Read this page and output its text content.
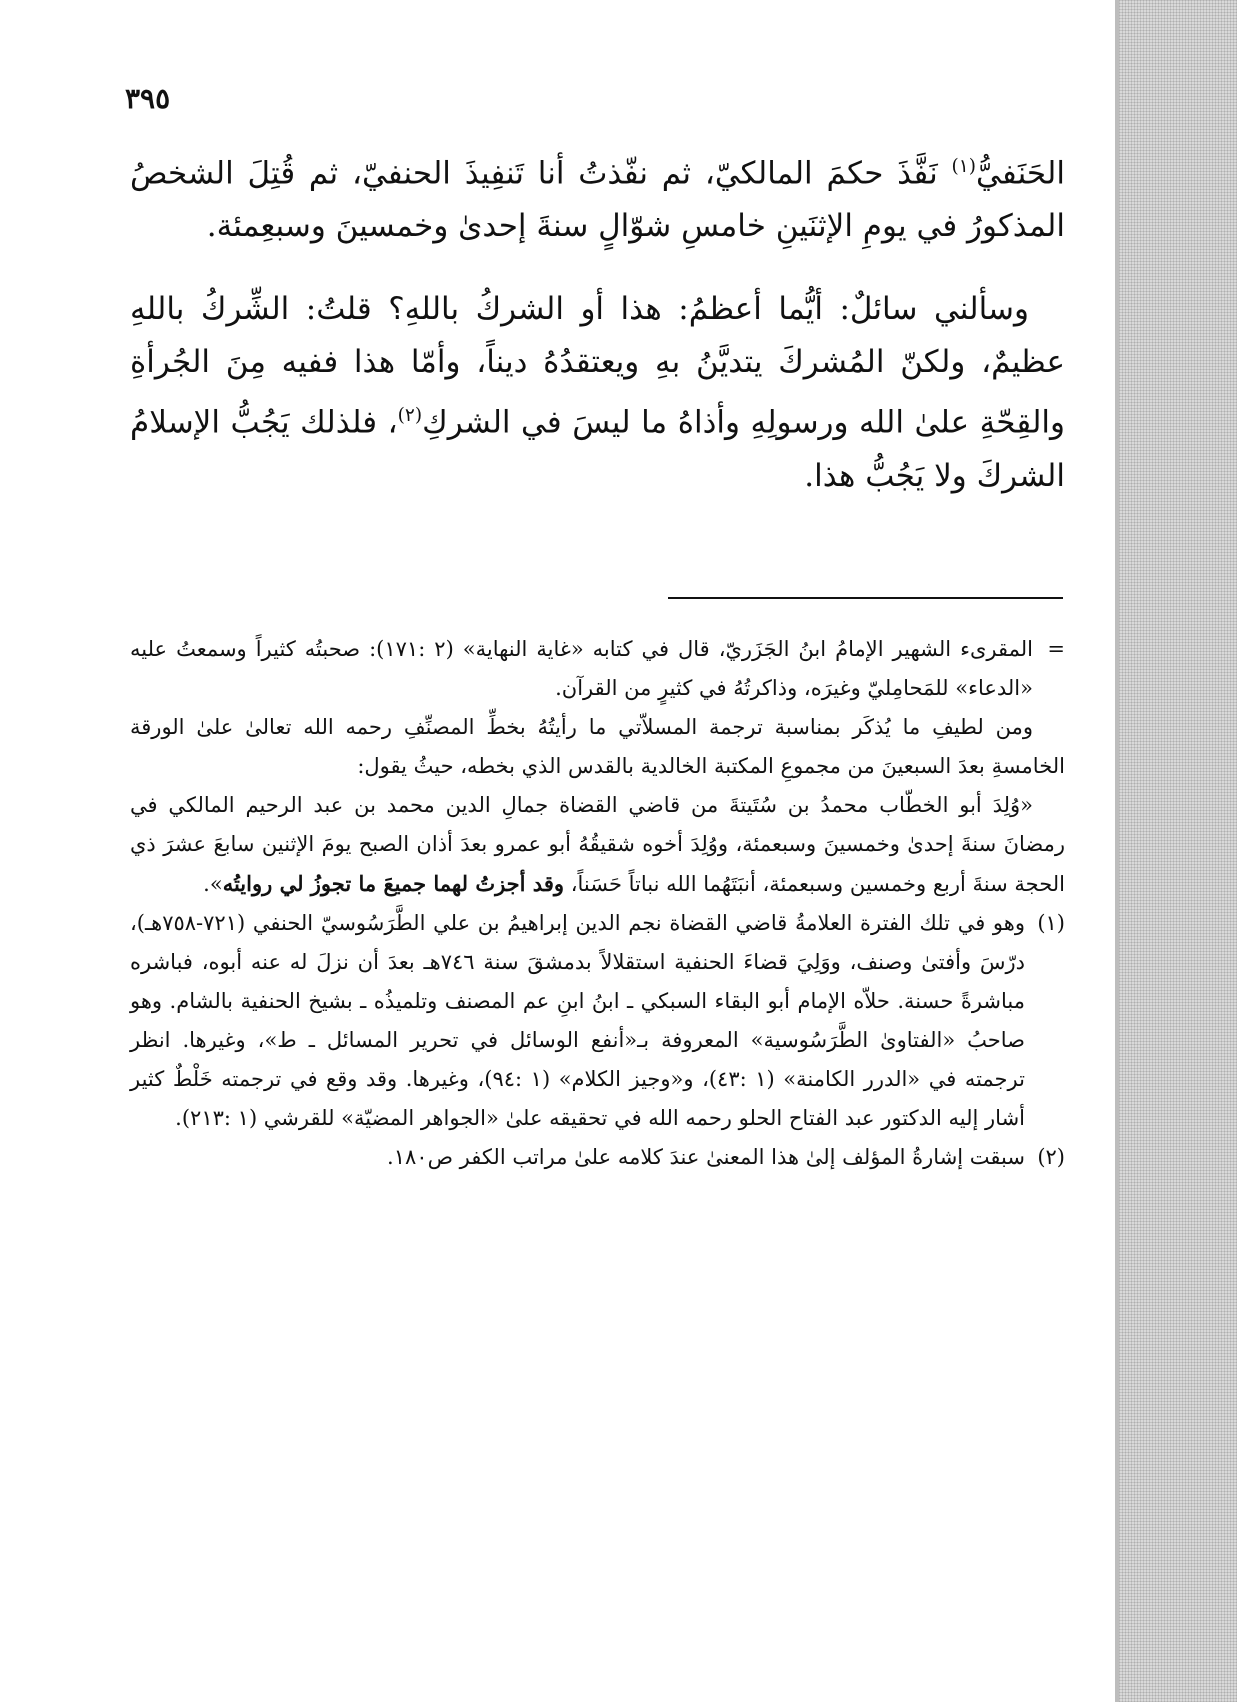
٣٩٥

الحَنَفيُّ$^{(١)}$ نَفَّذَ حكمَ المالكيّ، ثم نفّذتُ أنا تَنفِيذَ الحنفيّ، ثم قُتِلَ الشخصُ المذكورُ في يومِ الإثنَينِ خامسِ شوّالٍ سنةَ إحدىٰ وخمسينَ وسبعِمئة.

وسألني سائلٌ: أيُّما أعظمُ: هذا أو الشركُ باللهِ؟ قلتُ: الشِّركُ باللهِ عظيمٌ، ولكنّ المُشركَ يتديَّنُ بهِ ويعتقدُهُ ديناً، وأمّا هذا ففيه مِنَ الجُرأةِ والقِحّةِ علىٰ الله ورسولِهِ وأذاهُ ما ليسَ في الشركِ$^{(٢)}$، فلذلك يَجُبُّ الإسلامُ الشركَ ولا يَجُبُّ هذا.

=
المقرىء الشهير الإمامُ ابنُ الجَزَريّ، قال في كتابه «غاية النهاية» (٢ :١٧١): صحبتُه كثيراً وسمعتُ عليه «الدعاء» للمَحامِليّ وغيرَه، وذاكرتُهُ في كثيرٍ من القرآن.

ومن لطيفِ ما يُذكَر بمناسبة ترجمة المسلاّتي ما رأيتُهُ بخطِّ المصنِّفِ رحمه الله تعالىٰ علىٰ الورقة الخامسةِ بعدَ السبعينَ من مجموعِ المكتبة الخالدية بالقدس الذي بخطه، حيثُ يقول:

«وُلِدَ أبو الخطّاب محمدُ بن سُتَيتةَ من قاضي القضاة جمالِ الدين محمد بن عبد الرحيم المالكي في رمضانَ سنةَ إحدىٰ وخمسينَ وسبعمئة، ووُلِدَ أخوه شقيقُهُ أبو عمرو بعدَ أذان الصبح يومَ الإثنين سابعَ عشرَ ذي الحجة سنةَ أربع وخمسين وسبعمئة، أنبَتَهُما الله نباتاً حَسَناً، وقد أجزتُ لهما جميعَ ما تجوزُ لي روايتُه».

(١)
وهو في تلك الفترة العلامةُ قاضي القضاة نجم الدين إبراهيمُ بن علي الطَّرَسُوسيّ الحنفي (٧٢١-٧٥٨هـ)، درّسَ وأفتىٰ وصنف، ووَلِيَ قضاءَ الحنفية استقلالاً بدمشقَ سنة ٧٤٦هـ بعدَ أن نزلَ له عنه أبوه، فباشره مباشرةً حسنة. حلاّه الإمام أبو البقاء السبكي ـ ابنُ ابنِ عم المصنف وتلميذُه ـ بشيخ الحنفية بالشام. وهو صاحبُ «الفتاوىٰ الطَّرَسُوسية» المعروفة بـ«أنفع الوسائل في تحرير المسائل ـ ط»، وغيرها. انظر ترجمته في «الدرر الكامنة» (١ :٤٣)، و«وجيز الكلام» (١ :٩٤)، وغيرها. وقد وقع في ترجمته خَلْطٌ كثير أشار إليه الدكتور عبد الفتاح الحلو رحمه الله في تحقيقه علىٰ «الجواهر المضيّة» للقرشي (١ :٢١٣).

(٢)
سبقت إشارةُ المؤلف إلىٰ هذا المعنىٰ عندَ كلامه علىٰ مراتب الكفر ص١٨٠.
